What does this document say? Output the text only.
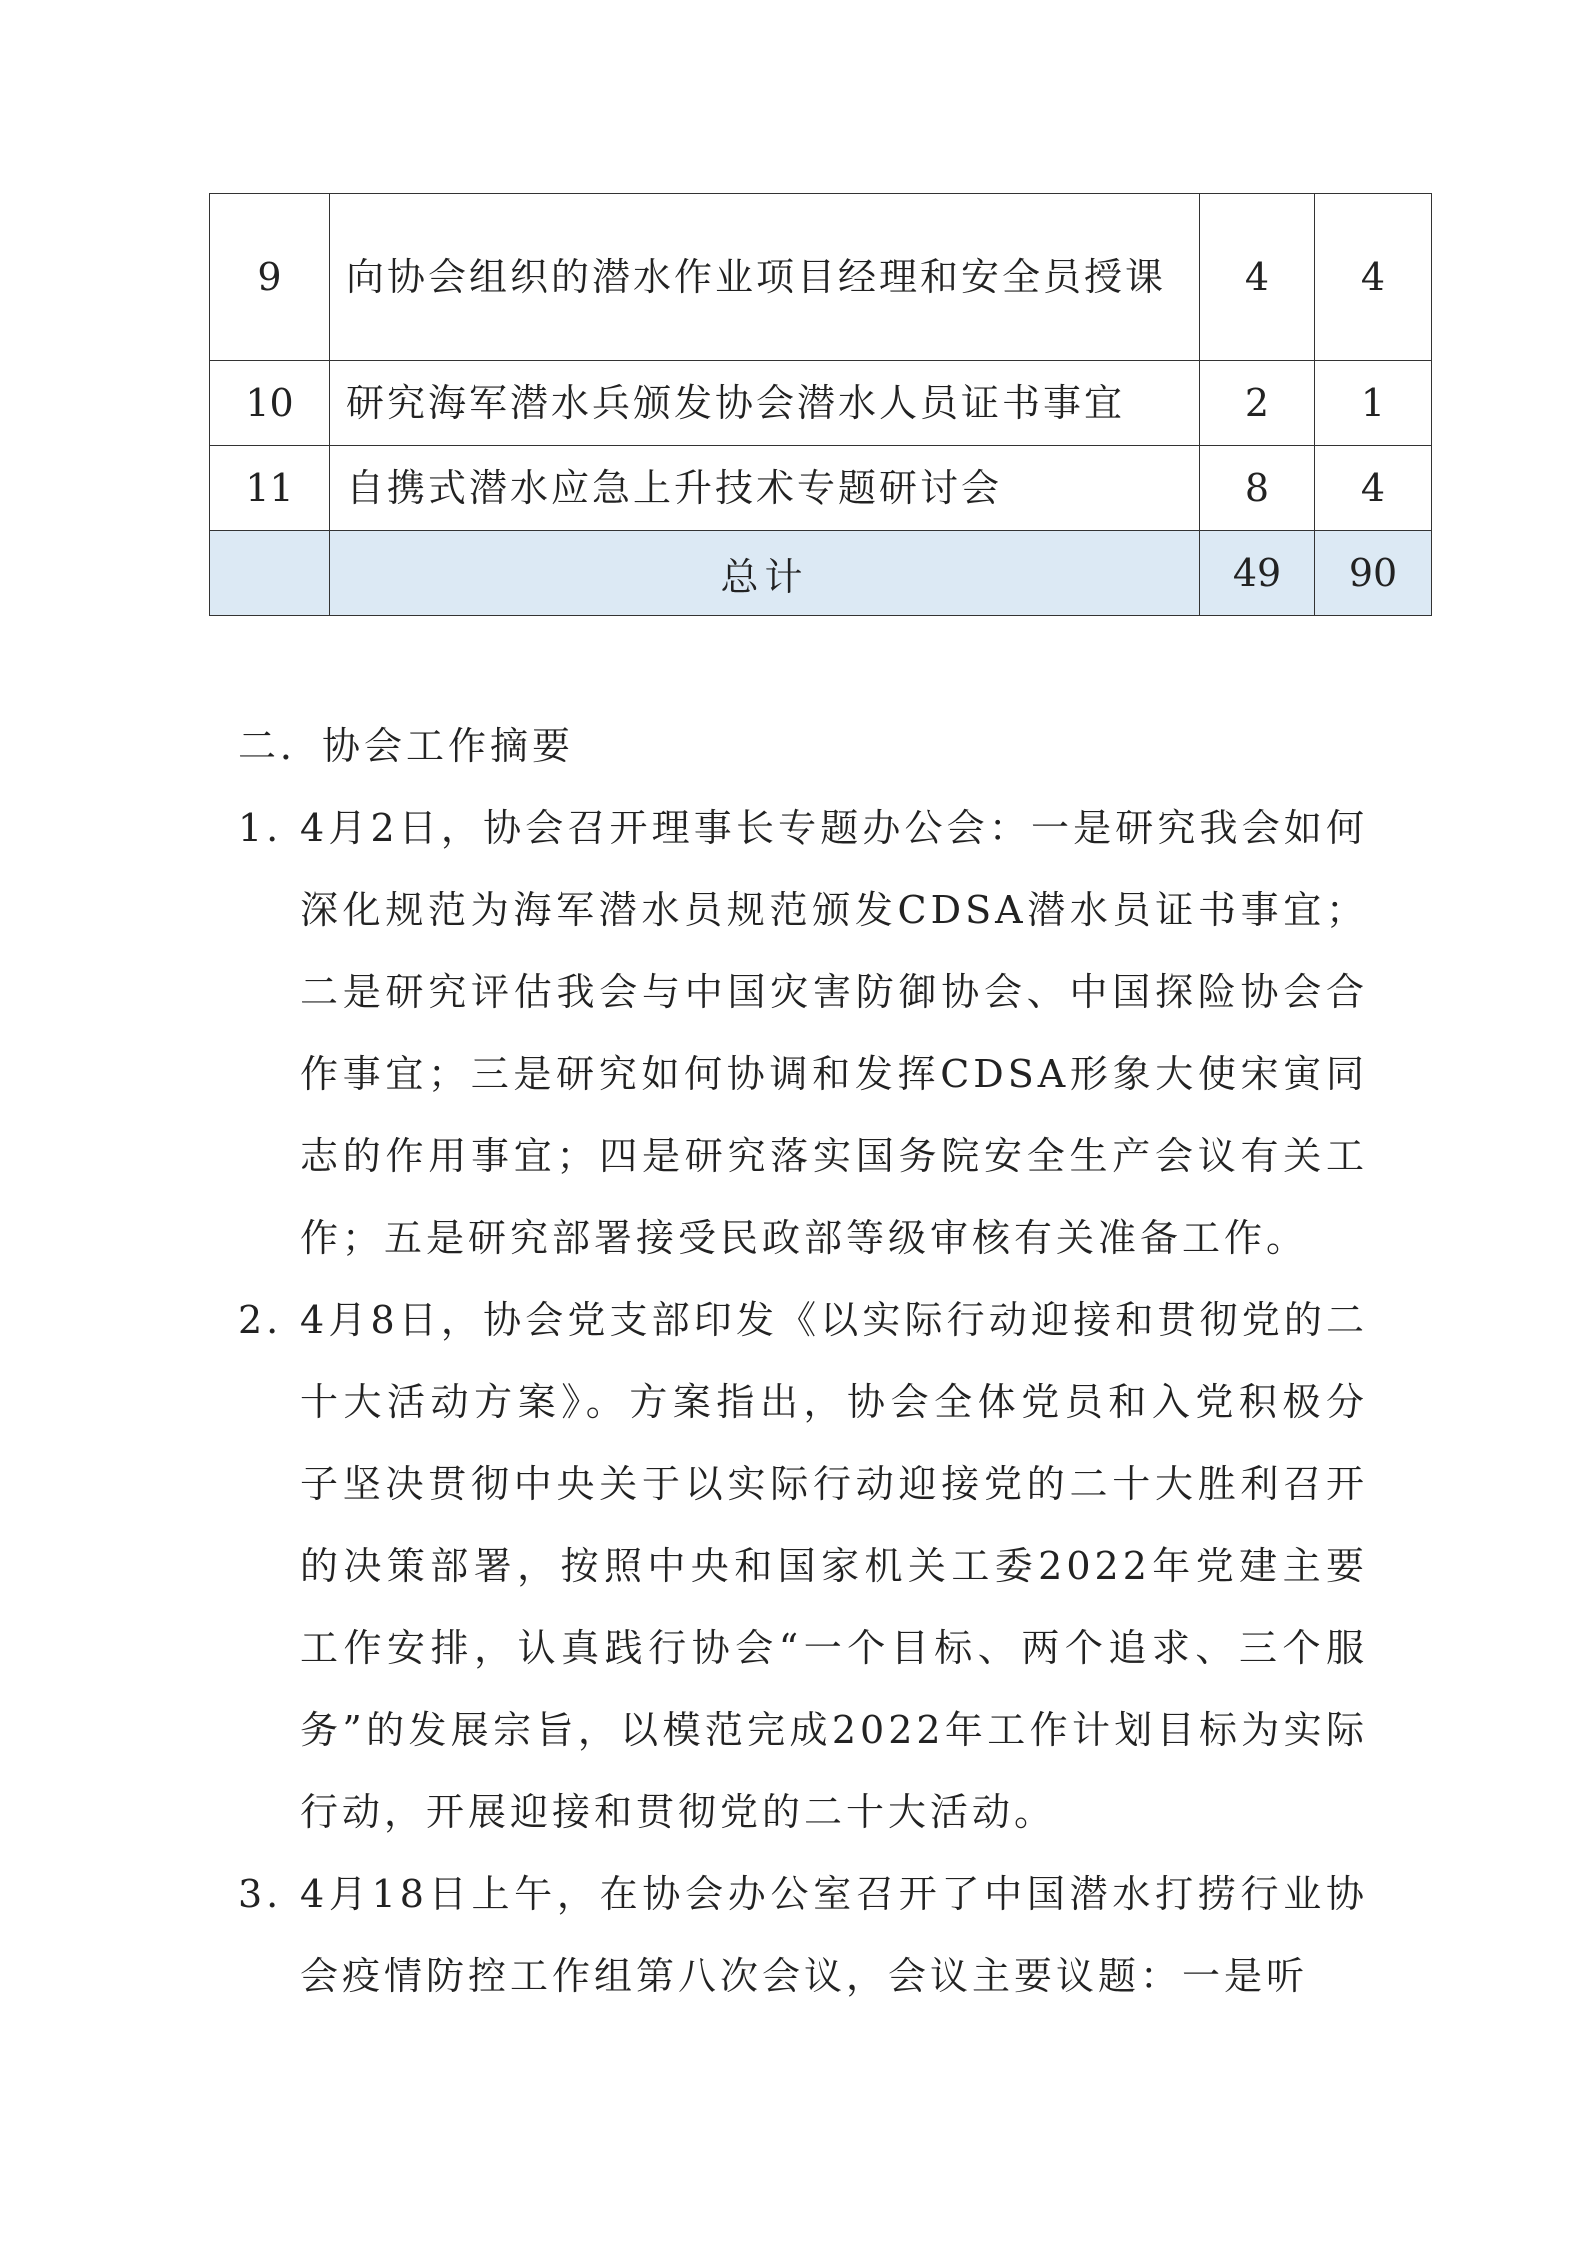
9	向协会组织的潜水作业项目经理和安全员授课	4	4
10	研究海军潜水兵颁发协会潜水人员证书事宜	2	1
11	自携式潜水应急上升技术专题研讨会	8	4
	总计	49	90

二．协会工作摘要

1. 4月2日，协会召开理事长专题办公会：一是研究我会如何深化规范为海军潜水员规范颁发CDSA潜水员证书事宜；二是研究评估我会与中国灾害防御协会、中国探险协会合作事宜；三是研究如何协调和发挥CDSA形象大使宋寅同志的作用事宜；四是研究落实国务院安全生产会议有关工作；五是研究部署接受民政部等级审核有关准备工作。
2. 4月8日，协会党支部印发《以实际行动迎接和贯彻党的二十大活动方案》。方案指出，协会全体党员和入党积极分子坚决贯彻中央关于以实际行动迎接党的二十大胜利召开的决策部署，按照中央和国家机关工委2022年党建主要工作安排，认真践行协会“一个目标、两个追求、三个服务”的发展宗旨，以模范完成2022年工作计划目标为实际行动，开展迎接和贯彻党的二十大活动。
3. 4月18日上午，在协会办公室召开了中国潜水打捞行业协会疫情防控工作组第八次会议，会议主要议题：一是听
